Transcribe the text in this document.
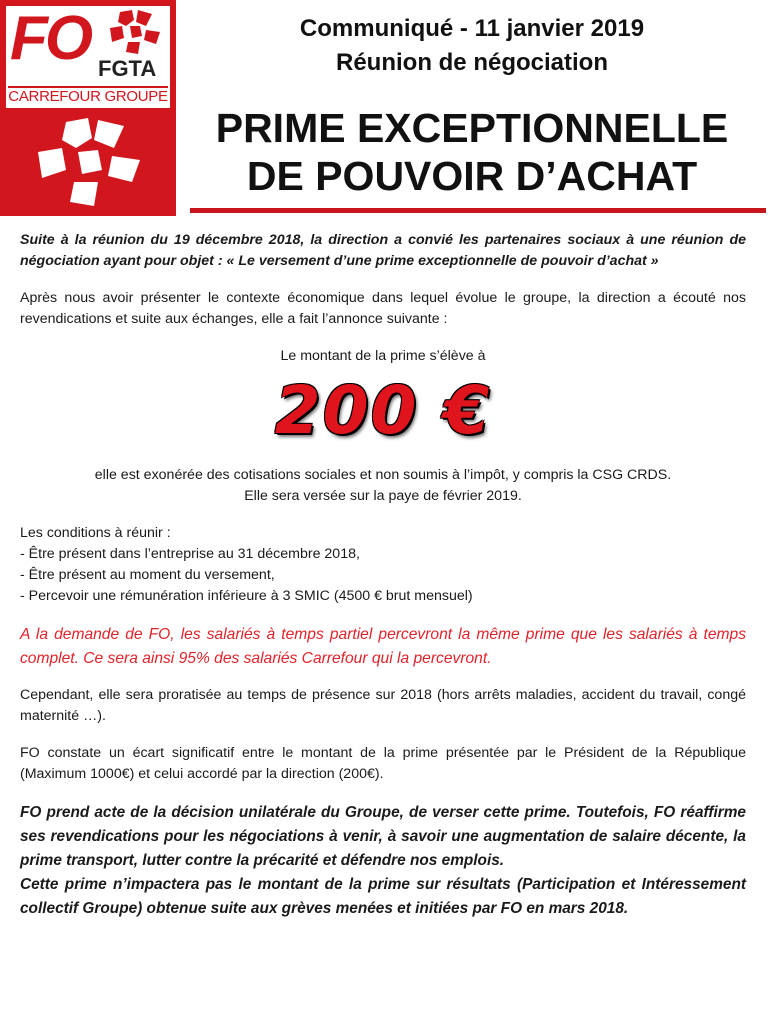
FO FGTA
CARREFOUR GROUPE
Communiqué - 11 janvier 2019
Réunion de négociation
PRIME EXCEPTIONNELLE
DE POUVOIR D’ACHAT

Suite à la réunion du 19 décembre 2018, la direction a convié les partenaires sociaux à une réunion de négociation ayant pour objet : « Le versement d’une prime exceptionnelle de pouvoir d’achat »

Après nous avoir présenter le contexte économique dans lequel évolue le groupe, la direction a écouté nos revendications et suite aux échanges, elle a fait l’annonce suivante :

Le montant de la prime s’élève à

200 €

elle est exonérée des cotisations sociales et non soumis à l’impôt, y compris la CSG CRDS.

Elle sera versée sur la paye de février 2019.

Les conditions à réunir :
- Être présent dans l’entreprise au 31 décembre 2018,
- Être présent au moment du versement,
- Percevoir une rémunération inférieure à 3 SMIC (4500 € brut mensuel)

A la demande de FO, les salariés à temps partiel percevront la même prime que les salariés à temps complet. Ce sera ainsi 95% des salariés Carrefour qui la percevront.

Cependant, elle sera proratisée au temps de présence sur 2018 (hors arrêts maladies, accident du travail, congé maternité …).

FO constate un écart significatif entre le montant de la prime présentée par le Président de la République (Maximum 1000€) et celui accordé par la direction (200€).

FO prend acte de la décision unilatérale du Groupe, de verser cette prime. Toutefois, FO réaffirme ses revendications pour les négociations à venir, à savoir une augmentation de salaire décente, la prime transport, lutter contre la précarité et défendre nos emplois.

Cette prime n’impactera pas le montant de la prime sur résultats (Participation et Intéressement collectif Groupe) obtenue suite aux grèves menées et initiées par FO en mars 2018.
